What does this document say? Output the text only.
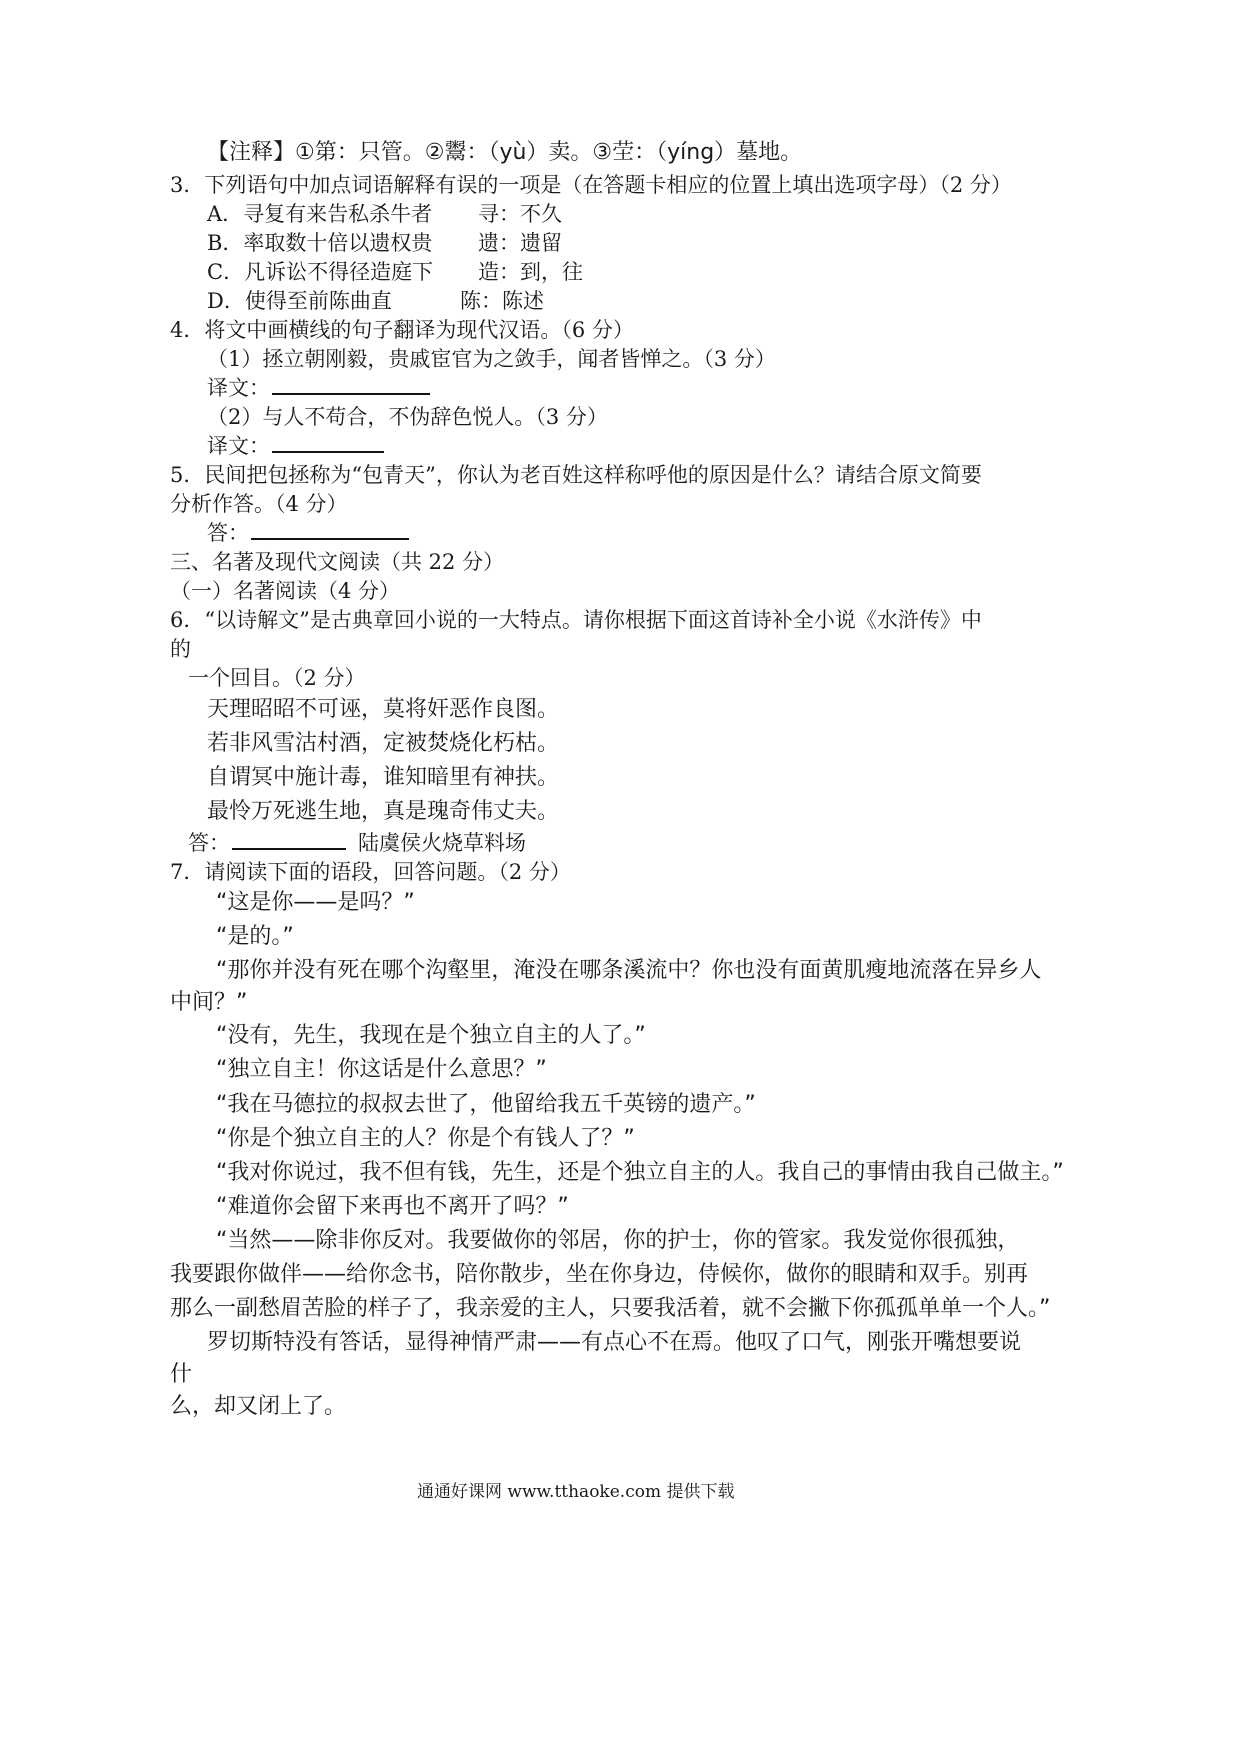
【注释】①第：只管。②鬻：（yù）卖。③茔：（yíng）墓地。
3．下列语句中加点词语解释有误的一项是（在答题卡相应的位置上填出选项字母）（2 分）
A．寻复有来告私杀牛者 寻：不久
B．率取数十倍以遗权贵 遗：遗留
C．凡诉讼不得径造庭下 造：到，往
D．使得至前陈曲直	陈：陈述
4．将文中画横线的句子翻译为现代汉语。（6 分）
（1）拯立朝刚毅，贵戚宦官为之敛手，闻者皆惮之。（3 分）
译文：
（2）与人不苟合，不伪辞色悦人。（3 分）
译文：
5．民间把包拯称为“包青天”，你认为老百姓这样称呼他的原因是什么？请结合原文简要
分析作答。（4 分）
答：
三、名著及现代文阅读（共 22 分）
（一）名著阅读（4 分）
6．“以诗解文”是古典章回小说的一大特点。请你根据下面这首诗补全小说《水浒传》中
的
一个回目。（2 分）
天理昭昭不可诬，莫将奸恶作良图。
若非风雪沽村酒，定被焚烧化朽枯。
自谓冥中施计毒，谁知暗里有神扶。
最怜万死逃生地，真是瑰奇伟丈夫。
答：	陆虞侯火烧草料场
7．请阅读下面的语段，回答问题。（2 分）
“这是你——是吗？”
“是的。”
“那你并没有死在哪个沟壑里，淹没在哪条溪流中？你也没有面黄肌瘦地流落在异乡人
中间？”
“没有，先生，我现在是个独立自主的人了。”
“独立自主！你这话是什么意思？”
“我在马德拉的叔叔去世了，他留给我五千英镑的遗产。”
“你是个独立自主的人？你是个有钱人了？”
“我对你说过，我不但有钱，先生，还是个独立自主的人。我自己的事情由我自己做主。”
“难道你会留下来再也不离开了吗？”
“当然——除非你反对。我要做你的邻居，你的护士，你的管家。我发觉你很孤独，
我要跟你做伴——给你念书，陪你散步，坐在你身边，侍候你，做你的眼睛和双手。别再
那么一副愁眉苦脸的样子了，我亲爱的主人，只要我活着，就不会撇下你孤孤单单一个人。”
罗切斯特没有答话，显得神情严肃——有点心不在焉。他叹了口气，刚张开嘴想要说
什
么，却又闭上了。
通通好课网 www.tthaoke.com 提供下载
